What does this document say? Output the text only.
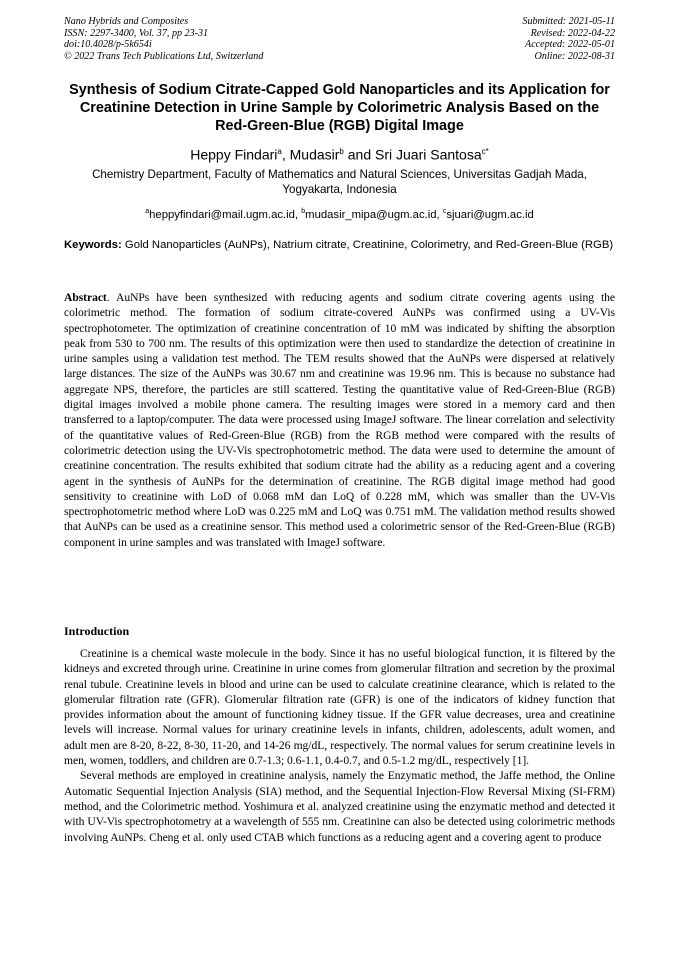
Nano Hybrids and Composites
ISSN: 2297-3400, Vol. 37, pp 23-31
doi:10.4028/p-5k654i
© 2022 Trans Tech Publications Ltd, Switzerland
Submitted: 2021-05-11
Revised: 2022-04-22
Accepted: 2022-05-01
Online: 2022-08-31
Synthesis of Sodium Citrate-Capped Gold Nanoparticles and its Application for Creatinine Detection in Urine Sample by Colorimetric Analysis Based on the Red-Green-Blue (RGB) Digital Image
Heppy Findari$^a$, Mudasir$^b$ and Sri Juari Santosa$^{c*}$
Chemistry Department, Faculty of Mathematics and Natural Sciences, Universitas Gadjah Mada, Yogyakarta, Indonesia
$^a$heppyfindari@mail.ugm.ac.id, $^b$mudasir_mipa@ugm.ac.id, $^c$sjuari@ugm.ac.id
Keywords: Gold Nanoparticles (AuNPs), Natrium citrate, Creatinine, Colorimetry, and Red-Green-Blue (RGB)
Abstract. AuNPs have been synthesized with reducing agents and sodium citrate covering agents using the colorimetric method. The formation of sodium citrate-covered AuNPs was confirmed using a UV-Vis spectrophotometer. The optimization of creatinine concentration of 10 mM was indicated by shifting the absorption peak from 530 to 700 nm. The results of this optimization were then used to standardize the detection of creatinine in urine samples using a validation test method. The TEM results showed that the AuNPs were dispersed at relatively large distances. The size of the AuNPs was 30.67 nm and creatinine was 19.96 nm. This is because no substance had aggregate NPS, therefore, the particles are still scattered. Testing the quantitative value of Red-Green-Blue (RGB) digital images involved a mobile phone camera. The resulting images were stored in a memory card and then transferred to a laptop/computer. The data were processed using ImageJ software. The linear correlation and selectivity of the quantitative values of Red-Green-Blue (RGB) from the RGB method were compared with the results of colorimetric detection using the UV-Vis spectrophotometric method. The data were used to determine the amount of creatinine concentration. The results exhibited that sodium citrate had the ability as a reducing agent and a covering agent in the synthesis of AuNPs for the determination of creatinine. The RGB digital image method had good sensitivity to creatinine with LoD of 0.068 mM dan LoQ of 0.228 mM, which was smaller than the UV-Vis spectrophotometric method where LoD was 0.225 mM and LoQ was 0.751 mM. The validation method results showed that AuNPs can be used as a creatinine sensor. This method used a colorimetric sensor of the Red-Green-Blue (RGB) component in urine samples and was translated with ImageJ software.
Introduction

Creatinine is a chemical waste molecule in the body. Since it has no useful biological function, it is filtered by the kidneys and excreted through urine. Creatinine in urine comes from glomerular filtration and secretion by the proximal renal tubule. Creatinine levels in blood and urine can be used to calculate creatinine clearance, which is related to the glomerular filtration rate (GFR). Glomerular filtration rate (GFR) is one of the indicators of kidney function that provides information about the amount of functioning kidney tissue. If the GFR value decreases, urea and creatinine levels will increase. Normal values for urinary creatinine levels in infants, children, adolescents, adult women, and adult men are 8-20, 8-22, 8-30, 11-20, and 14-26 mg/dL, respectively. The normal values for serum creatinine levels in men, women, toddlers, and children are 0.7-1.3; 0.6-1.1, 0.4-0.7, and 0.5-1.2 mg/dL, respectively [1].

Several methods are employed in creatinine analysis, namely the Enzymatic method, the Jaffe method, the Online Automatic Sequential Injection Analysis (SIA) method, and the Sequential Injection-Flow Reversal Mixing (SI-FRM) method, and the Colorimetric method. Yoshimura et al. analyzed creatinine using the enzymatic method and detected it with UV-Vis spectrophotometry at a wavelength of 555 nm. Creatinine can also be detected using colorimetric methods involving AuNPs. Cheng et al. only used CTAB which functions as a reducing agent and a covering agent to produce
